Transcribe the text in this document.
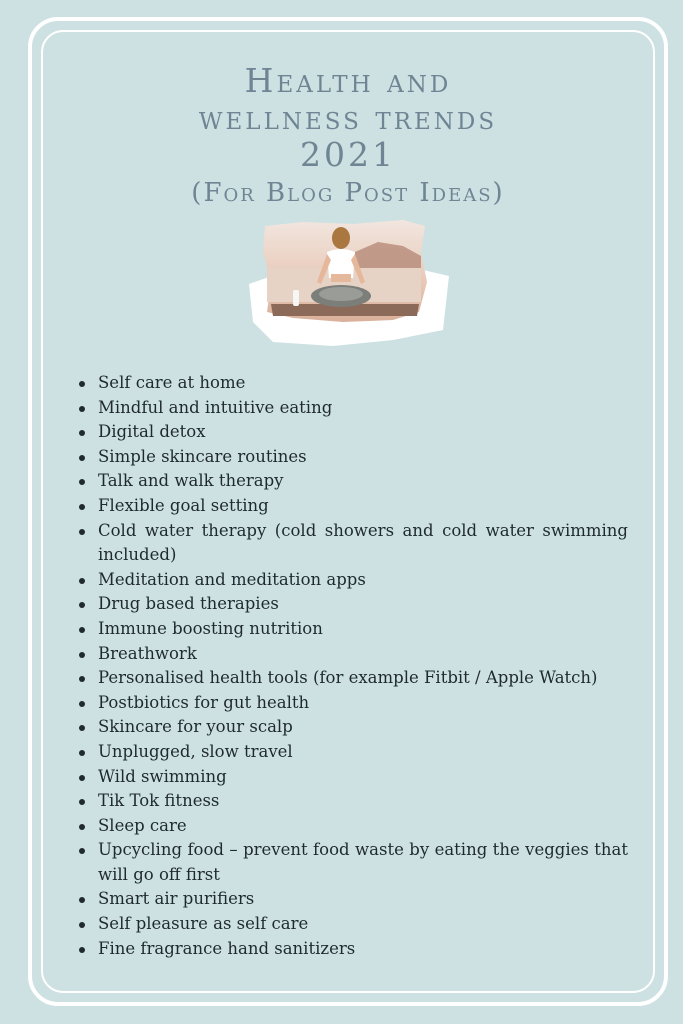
Health and
wellness trends
2021
(For Blog Post Ideas)
Self care at home
Mindful and intuitive eating
Digital detox
Simple skincare routines
Talk and walk therapy
Flexible goal setting
Cold water therapy (cold showers and cold water swimming included)
Meditation and meditation apps
Drug based therapies
Immune boosting nutrition
Breathwork
Personalised health tools (for example Fitbit / Apple Watch)
Postbiotics for gut health
Skincare for your scalp
Unplugged, slow travel
Wild swimming
Tik Tok fitness
Sleep care
Upcycling food – prevent food waste by eating the veggies that will go off first
Smart air purifiers
Self pleasure as self care
Fine fragrance hand sanitizers
